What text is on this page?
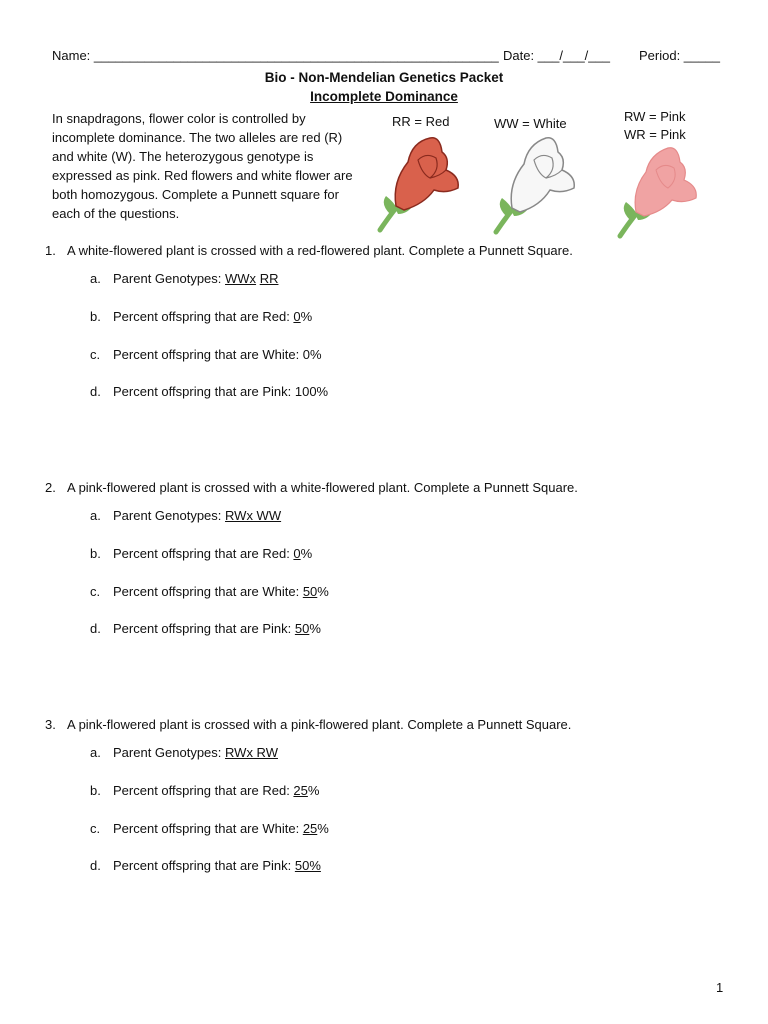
Name: ________________________________________________________ Date: ___/___/___ Period: _____
Bio - Non-Mendelian Genetics Packet
Incomplete Dominance
In snapdragons, flower color is controlled by incomplete dominance. The two alleles are red (R) and white (W). The heterozygous genotype is expressed as pink. Red flowers and white flower are both homozygous. Complete a Punnett square for each of the questions.
RR = Red	WW = White	RW = Pink
WR = Pink
1. A white-flowered plant is crossed with a red-flowered plant. Complete a Punnett Square.
a. Parent Genotypes: WWx RR
b. Percent offspring that are Red: 0%
c. Percent offspring that are White: 0%
d. Percent offspring that are Pink: 100%
2. A pink-flowered plant is crossed with a white-flowered plant. Complete a Punnett Square.
a. Parent Genotypes: RWx WW
b. Percent offspring that are Red: 0%
c. Percent offspring that are White: 50%
d. Percent offspring that are Pink: 50%
3. A pink-flowered plant is crossed with a pink-flowered plant. Complete a Punnett Square.
a. Parent Genotypes: RWx RW
b. Percent offspring that are Red: 25%
c. Percent offspring that are White: 25%
d. Percent offspring that are Pink: 50%
1
